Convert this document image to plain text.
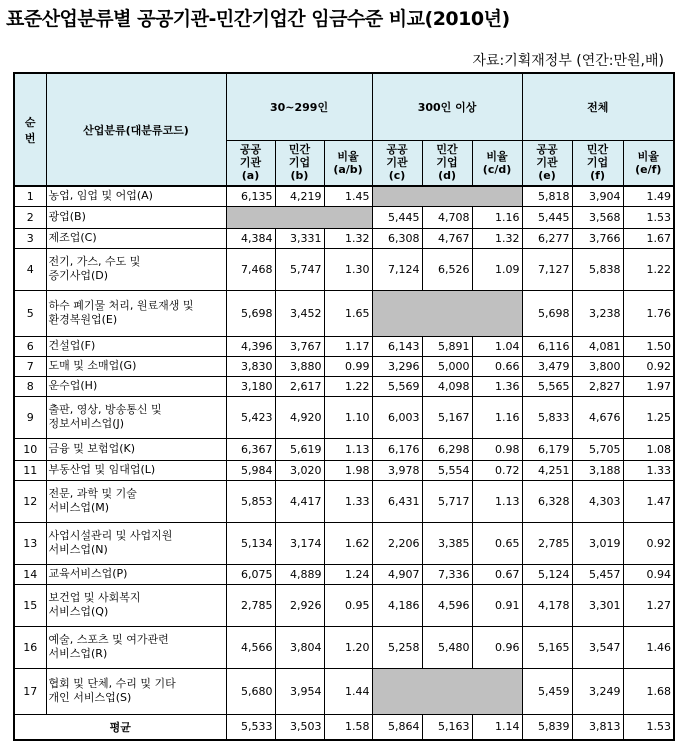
표준산업분류별 공공기관-민간기업간 임금수준 비교(2010년)
자료:기획재정부 (연간:만원,배)
순
번	산업분류(대분류코드)	30~299인			300인 이상			전체		
		공공
기관
(a)	민간
기업
(b)	비율
(a/b)	공공
기관
(c)	민간
기업
(d)	비율
(c/d)	공공
기관
(e)	민간
기업
(f)	비율
(e/f)
1	농업, 임업 및 어업(A)	6,135	4,219	1.45				5,818	3,904	1.49
2	광업(B)				5,445	4,708	1.16	5,445	3,568	1.53
3	제조업(C)	4,384	3,331	1.32	6,308	4,767	1.32	6,277	3,766	1.67
4	전기, 가스, 수도 및
증기사업(D)	7,468	5,747	1.30	7,124	6,526	1.09	7,127	5,838	1.22
5	하수 폐기물 처리, 원료재생 및
환경복원업(E)	5,698	3,452	1.65				5,698	3,238	1.76
6	건설업(F)	4,396	3,767	1.17	6,143	5,891	1.04	6,116	4,081	1.50
7	도매 및 소매업(G)	3,830	3,880	0.99	3,296	5,000	0.66	3,479	3,800	0.92
8	운수업(H)	3,180	2,617	1.22	5,569	4,098	1.36	5,565	2,827	1.97
9	출판, 영상, 방송통신 및
정보서비스업(J)	5,423	4,920	1.10	6,003	5,167	1.16	5,833	4,676	1.25
10	금융 및 보험업(K)	6,367	5,619	1.13	6,176	6,298	0.98	6,179	5,705	1.08
11	부동산업 및 임대업(L)	5,984	3,020	1.98	3,978	5,554	0.72	4,251	3,188	1.33
12	전문, 과학 및 기술
서비스업(M)	5,853	4,417	1.33	6,431	5,717	1.13	6,328	4,303	1.47
13	사업시설관리 및 사업지원
서비스업(N)	5,134	3,174	1.62	2,206	3,385	0.65	2,785	3,019	0.92
14	교육서비스업(P)	6,075	4,889	1.24	4,907	7,336	0.67	5,124	5,457	0.94
15	보건업 및 사회복지
서비스업(Q)	2,785	2,926	0.95	4,186	4,596	0.91	4,178	3,301	1.27
16	예술, 스포츠 및 여가관련
서비스업(R)	4,566	3,804	1.20	5,258	5,480	0.96	5,165	3,547	1.46
17	협회 및 단체, 수리 및 기타
개인 서비스업(S)	5,680	3,954	1.44				5,459	3,249	1.68
평균		5,533	3,503	1.58	5,864	5,163	1.14	5,839	3,813	1.53
